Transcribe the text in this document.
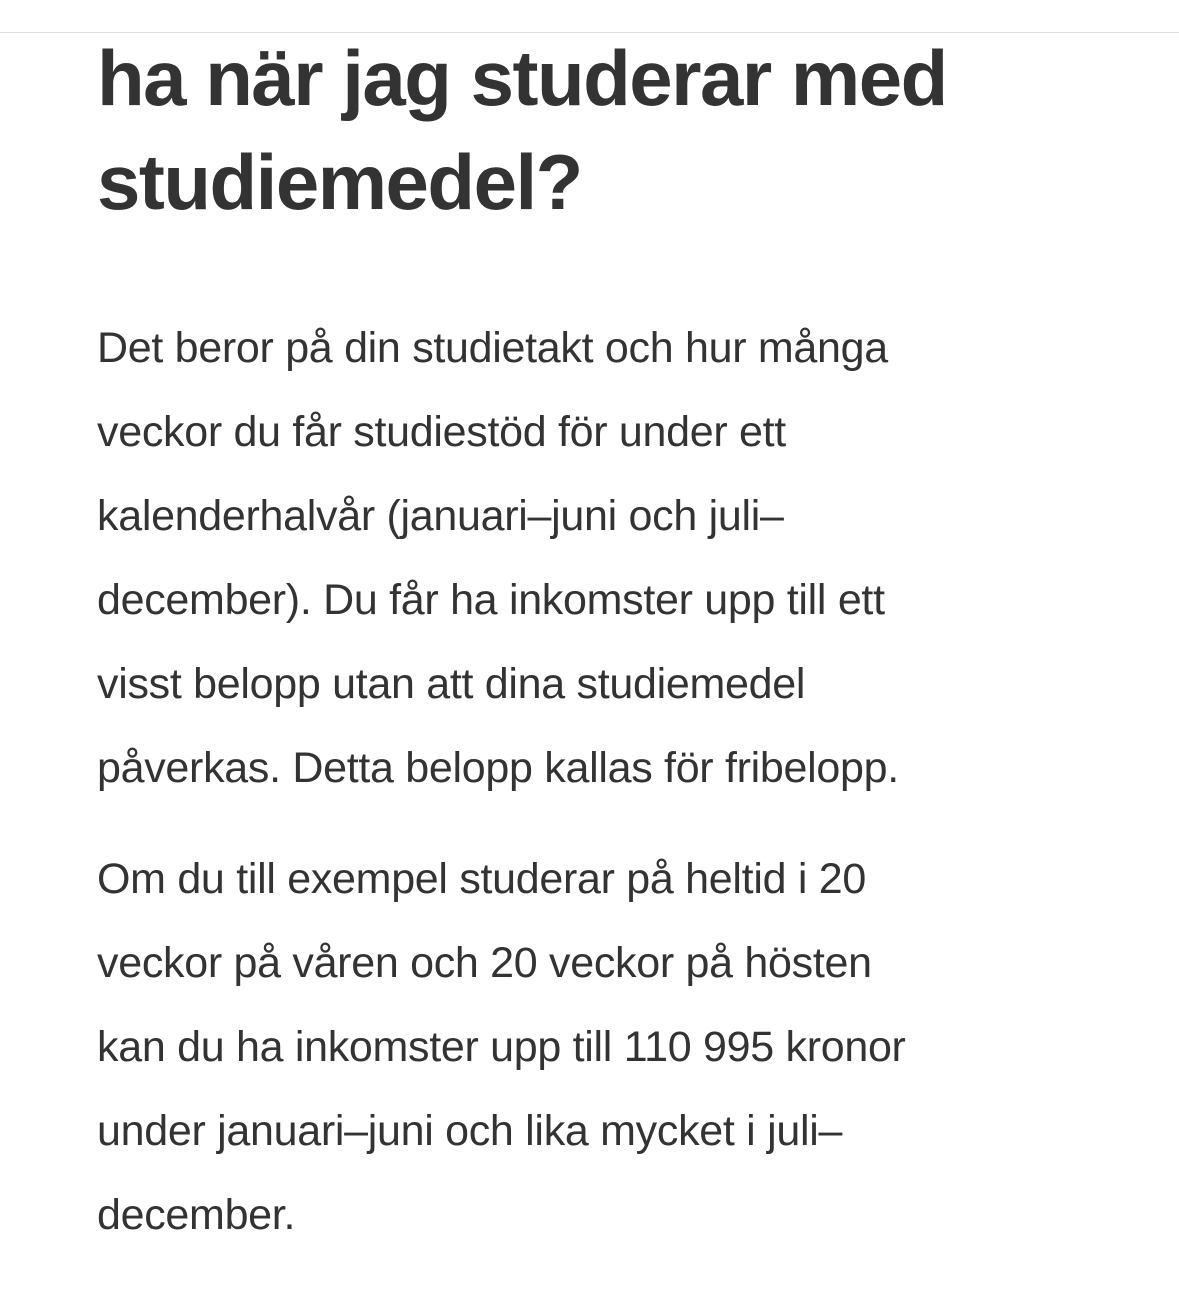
ha när jag studerar med
studiemedel?

Det beror på din studietakt och hur många
veckor du får studiestöd för under ett
kalenderhalvår (januari–juni och juli–
december). Du får ha inkomster upp till ett
visst belopp utan att dina studiemedel
påverkas. Detta belopp kallas för fribelopp.

Om du till exempel studerar på heltid i 20
veckor på våren och 20 veckor på hösten
kan du ha inkomster upp till 110 995 kronor
under januari–juni och lika mycket i juli–
december.
